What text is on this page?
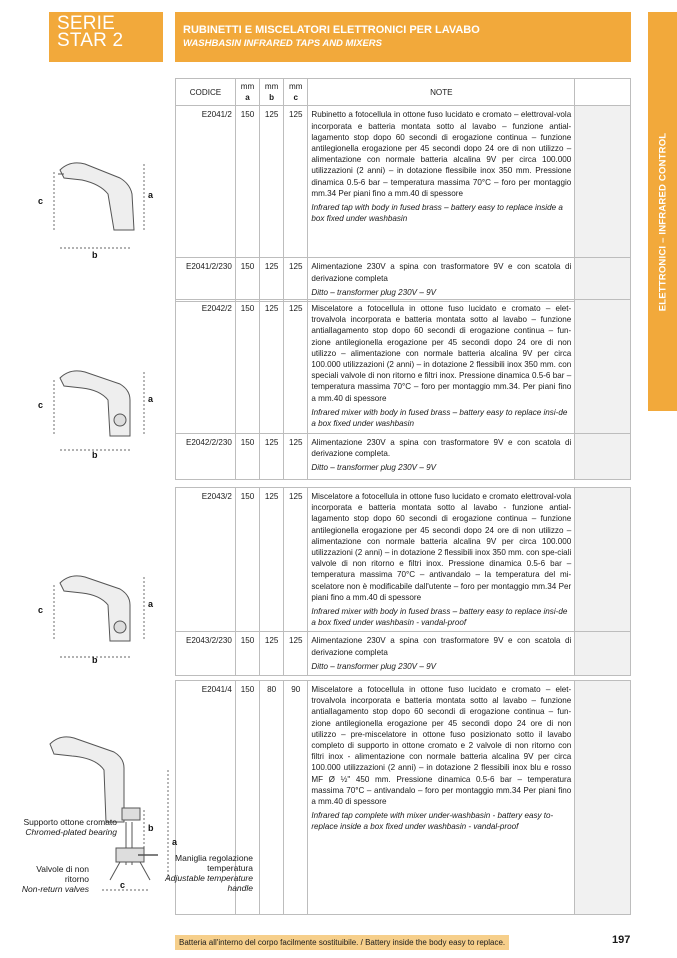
SERIE
STAR 2	RUBINETTI E MISCELATORI ELETTRONICI PER LAVABO
WASHBASIN INFRARED TAPS AND MIXERS
ELETTRONICI – INFRARED CONTROL
CODICE	mm a	mm b	mm c	NOTE	
E2041/2	150	125	125	Rubinetto a fotocellula in ottone fuso lucidato e cromato – elettroval-vola incorporata e batteria montata sotto al lavabo – funzione antial-lagamento stop dopo 60 secondi di erogazione continua – funzione antilegionella erogazione per 45 secondi dopo 24 ore di non utilizzo – alimentazione con normale batteria alcalina 9V per circa 100.000 utilizzazioni (2 anni) – in dotazione flessibile inox 350 mm. Pressione dinamica 0.5-6 bar – temperatura massima 70°C – foro per montaggio mm.34 Per piani fino a mm.40 di spessore
Infrared tap with body in fused brass – battery easy to replace inside a box fixed under washbasin	

E2041/2/230	150	125	125	Alimentazione 230V a spina con trasformatore 9V e con scatola di derivazione completa
Ditto – transformer plug 230V – 9V	

E2042/2	150	125	125	Miscelatore a fotocellula in ottone fuso lucidato e cromato – elet-trovalvola incorporata e batteria montata sotto al lavabo – funzione antiallagamento stop dopo 60 secondi di erogazione continua – fun-zione antilegionella erogazione per 45 secondi dopo 24 ore di non utilizzo – alimentazione con normale batteria alcalina 9V per circa 100.000 utilizzazioni (2 anni) – in dotazione 2 flessibili inox 350 mm. con speciali valvole di non ritorno e filtri inox. Pressione dinamica 0.5-6 bar – temperatura massima 70°C – foro per montaggio mm.34. Per piani fino a mm.40 di spessore
Infrared mixer with body in fused brass – battery easy to replace insi-de a box fixed under washbasin	

E2042/2/230	150	125	125	Alimentazione 230V a spina con trasformatore 9V e con scatola di derivazione completa.
Ditto – transformer plug 230V – 9V	

E2043/2	150	125	125	Miscelatore a fotocellula in ottone fuso lucidato e cromato elettroval-vola incorporata e batteria montata sotto al lavabo - funzione antial-lagamento stop dopo 60 secondi di erogazione continua – funzione antilegionella erogazione per 45 secondi dopo 24 ore di non utilizzo – alimentazione con normale batteria alcalina 9V per circa 100.000 utilizzazioni (2 anni) – in dotazione 2 flessibili inox 350 mm. con spe-ciali valvole di non ritorno e filtri inox. Pressione dinamica 0.5-6 bar – temperatura massima 70°C – antivandalo – la temperatura del mi-scelatore non è modificabile dall'utente – foro per montaggio mm.34 Per piani fino a mm.40 di spessore
Infrared mixer with body in fused brass – battery easy to replace insi-de a box fixed under washbasin - vandal-proof	

E2043/2/230	150	125	125	Alimentazione 230V a spina con trasformatore 9V e con scatola di derivazione completa
Ditto – transformer plug 230V – 9V	

E2041/4	150	80	90	Miscelatore a fotocellula in ottone fuso lucidato e cromato – elet-trovalvola incorporata e batteria montata sotto al lavabo – funzione antiallagamento stop dopo 60 secondi di erogazione continua – fun-zione antilegionella erogazione per 45 secondi dopo 24 ore di non utilizzo – pre-miscelatore in ottone fuso posizionato sotto il lavabo completo di supporto in ottone cromato e 2 valvole di non ritorno con filtri inox - alimentazione con normale batteria alcalina 9V per circa 100.000 utilizzazioni (2 anni) – in dotazione 2 flessibili inox blu e rosso MF Ø ½" 450 mm. Pressione dinamica 0.5-6 bar – temperatura massima 70°C – antivandalo – foro per montaggio mm.34 Per piani fino a mm.40 di spessore
Infrared tap complete with mixer under-washbasin - battery easy to-replace inside a box fixed under washbasin - vandal-proof

c
a
b
c
a
b
c
a
b
b
a
c
Supporto ottone cromato
Chromed-plated bearing
Valvole di non ritorno
Non-return valves
Maniglia regolazione temperatura
Adjustable temperature handle
Batteria all'interno del corpo facilmente sostituibile. / Battery inside the body easy to replace.	197
